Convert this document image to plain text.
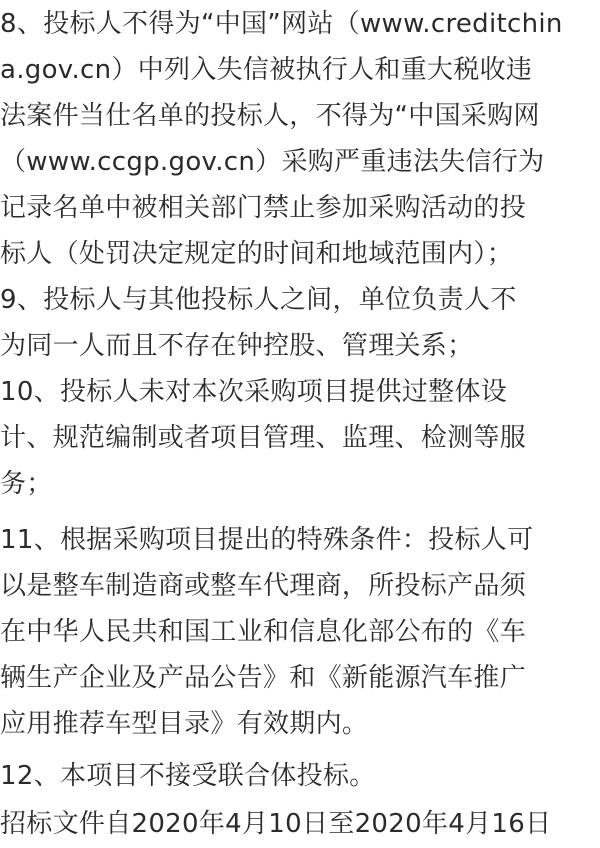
8、投标人不得为“中国”网站（www.creditchin
a.gov.cn）中列入失信被执行人和重大税收违
法案件当仕名单的投标人，不得为“中国采购网
（www.ccgp.gov.cn）采购严重违法失信行为
记录名单中被相关部门禁止参加采购活动的投
标人（处罚决定规定的时间和地域范围内）；
9、投标人与其他投标人之间，单位负责人不
为同一人而且不存在钟控股、管理关系；
10、投标人未对本次采购项目提供过整体设
计、规范编制或者项目管理、监理、检测等服
务；
11、根据采购项目提出的特殊条件：投标人可
以是整车制造商或整车代理商，所投标产品须
在中华人民共和国工业和信息化部公布的《车
辆生产企业及产品公告》和《新能源汽车推广
应用推荐车型目录》有效期内。
12、本项目不接受联合体投标。
招标文件自2020年4月10日至2020年4月16日
